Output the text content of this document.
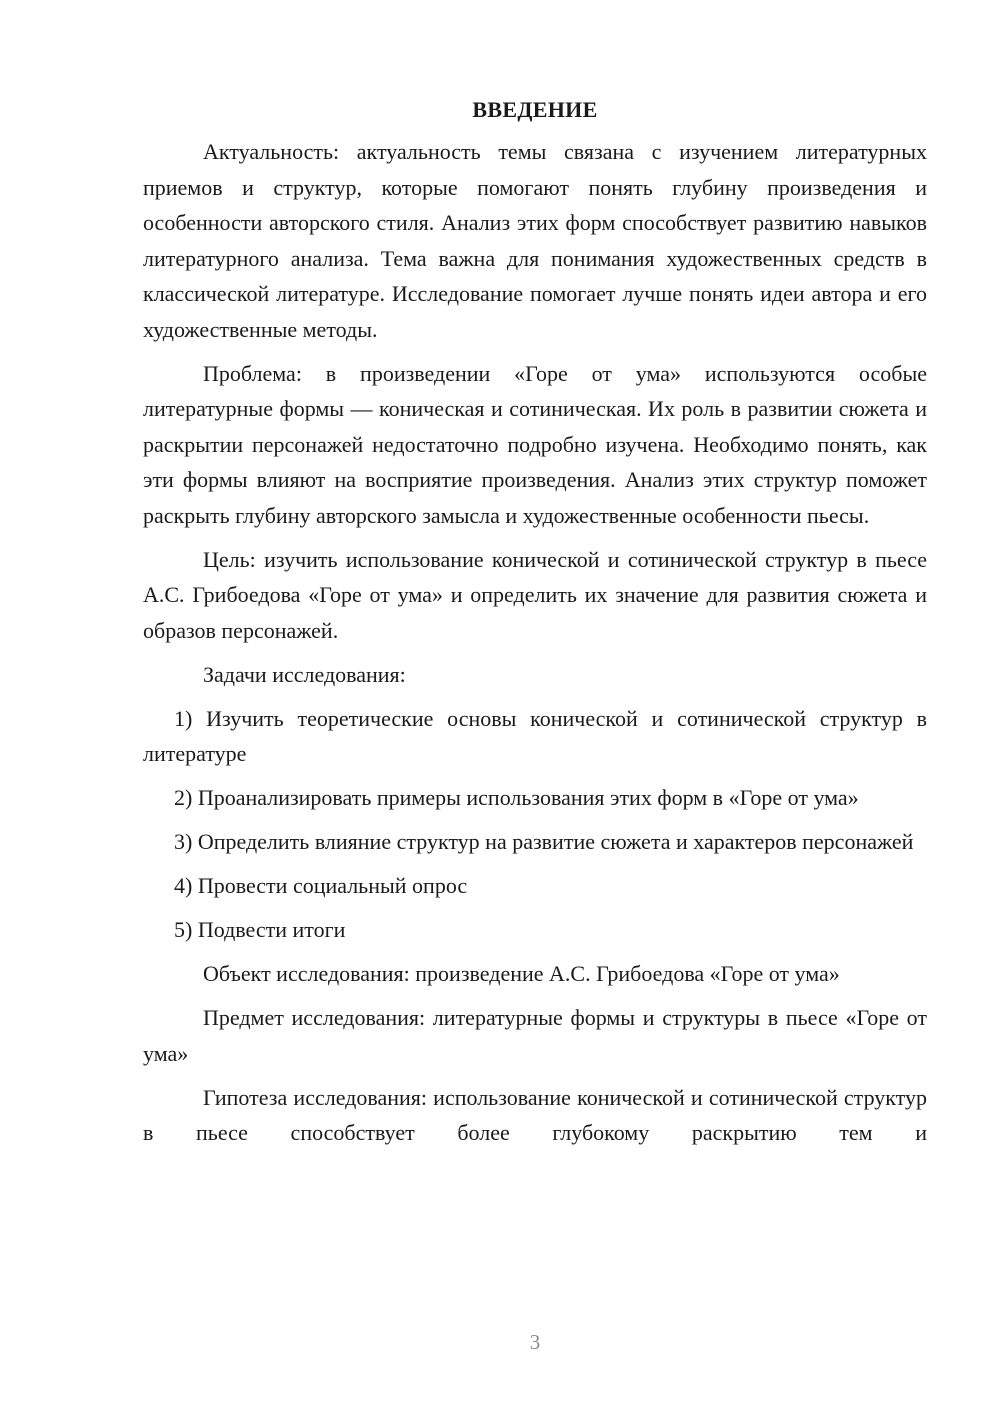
ВВЕДЕНИЕ

Актуальность: актуальность темы связана с изучением литературных приемов и структур, которые помогают понять глубину произведения и особенности авторского стиля. Анализ этих форм способствует развитию навыков литературного анализа. Тема важна для понимания художественных средств в классической литературе. Исследование помогает лучше понять идеи автора и его художественные методы.

Проблема: в произведении «Горе от ума» используются особые литературные формы — коническая и сотиническая. Их роль в развитии сюжета и раскрытии персонажей недостаточно подробно изучена. Необходимо понять, как эти формы влияют на восприятие произведения. Анализ этих структур поможет раскрыть глубину авторского замысла и художественные особенности пьесы.

Цель: изучить использование конической и сотинической структур в пьесе А.С. Грибоедова «Горе от ума» и определить их значение для развития сюжета и образов персонажей.

Задачи исследования:

1) Изучить теоретические основы конической и сотинической структур в литературе

2) Проанализировать примеры использования этих форм в «Горе от ума»

3) Определить влияние структур на развитие сюжета и характеров персонажей

4) Провести социальный опрос

5) Подвести итоги

Объект исследования: произведение А.С. Грибоедова «Горе от ума»

Предмет исследования: литературные формы и структуры в пьесе «Горе от ума»

Гипотеза исследования: использование конической и сотинической структур в пьесе способствует более глубокому раскрытию тем и

3
